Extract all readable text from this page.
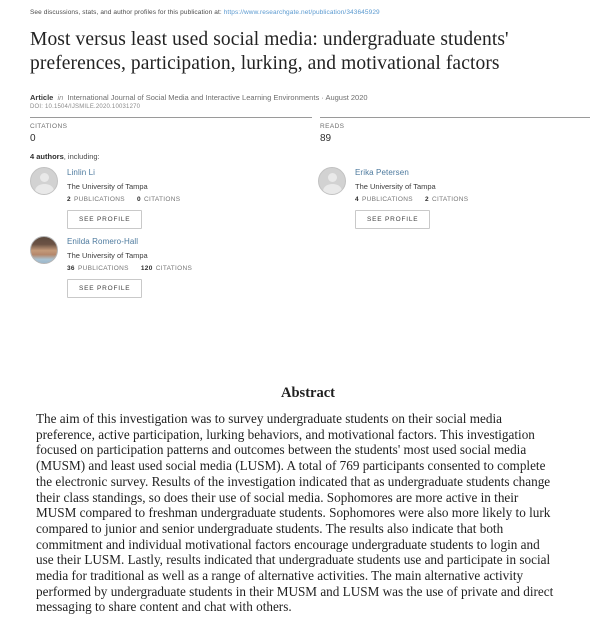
See discussions, stats, and author profiles for this publication at: https://www.researchgate.net/publication/343645929
Most versus least used social media: undergraduate students' preferences, participation, lurking, and motivational factors
Article in International Journal of Social Media and Interactive Learning Environments · August 2020
DOI: 10.1504/IJSMILE.2020.10031270
CITATIONS
0
READS
89
4 authors, including:
Linlin Li
The University of Tampa
2 PUBLICATIONS 0 CITATIONS
SEE PROFILE
Erika Petersen
The University of Tampa
4 PUBLICATIONS 2 CITATIONS
SEE PROFILE
Enilda Romero-Hall
The University of Tampa
36 PUBLICATIONS 120 CITATIONS
SEE PROFILE
Abstract
The aim of this investigation was to survey undergraduate students on their social media preference, active participation, lurking behaviors, and motivational factors. This investigation focused on participation patterns and outcomes between the students' most used social media (MUSM) and least used social media (LUSM). A total of 769 participants consented to complete the electronic survey. Results of the investigation indicated that as undergraduate students change their class standings, so does their use of social media. Sophomores are more active in their MUSM compared to freshman undergraduate students. Sophomores were also more likely to lurk compared to junior and senior undergraduate students. The results also indicate that both commitment and individual motivational factors encourage undergraduate students to login and use their LUSM. Lastly, results indicated that undergraduate students use and participate in social media for traditional as well as a range of alternative activities. The main alternative activity performed by undergraduate students in their MUSM and LUSM was the use of private and direct messaging to share content and chat with others.
